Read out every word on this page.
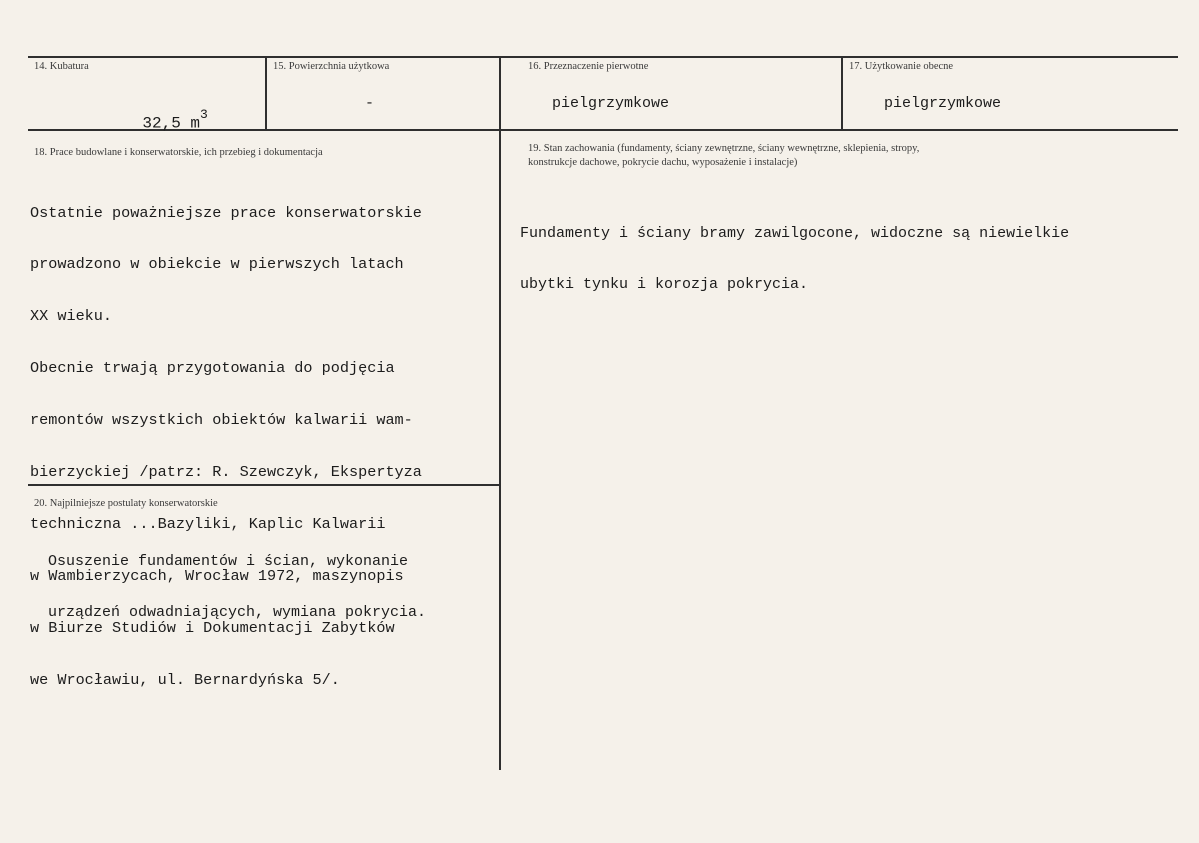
14. Kubatura

32,5 $m^3$

15. Powierzchnia użytkowa
-
16. Przeznaczenie pierwotne
pielgrzymkowe
17. Użytkowanie obecne
pielgrzymkowe
18. Prace budowlane i konserwatorskie, ich przebieg i dokumentacja

Ostatnie poważniejsze prace konserwatorskie

prowadzono w obiekcie w pierwszych latach

XX wieku.

Obecnie trwają przygotowania do podjęcia

remontów wszystkich obiektów kalwarii wam-

bierzyckiej /patrz: R. Szewczyk, Ekspertyza

techniczna ...Bazyliki, Kaplic Kalwarii

w Wambierzycach, Wrocław 1972, maszynopis

w Biurze Studiów i Dokumentacji Zabytków

we Wrocławiu, ul. Bernardyńska 5/.

19. Stan zachowania (fundamenty, ściany zewnętrzne, ściany wewnętrzne, sklepienia, stropy,
konstrukcje dachowe, pokrycie dachu, wyposażenie i instalacje)

Fundamenty i ściany bramy zawilgocone, widoczne są niewielkie

ubytki tynku i korozja pokrycia.

20. Najpilniejsze postulaty konserwatorskie

Osuszenie fundamentów i ścian, wykonanie

urządzeń odwadniających, wymiana pokrycia.
